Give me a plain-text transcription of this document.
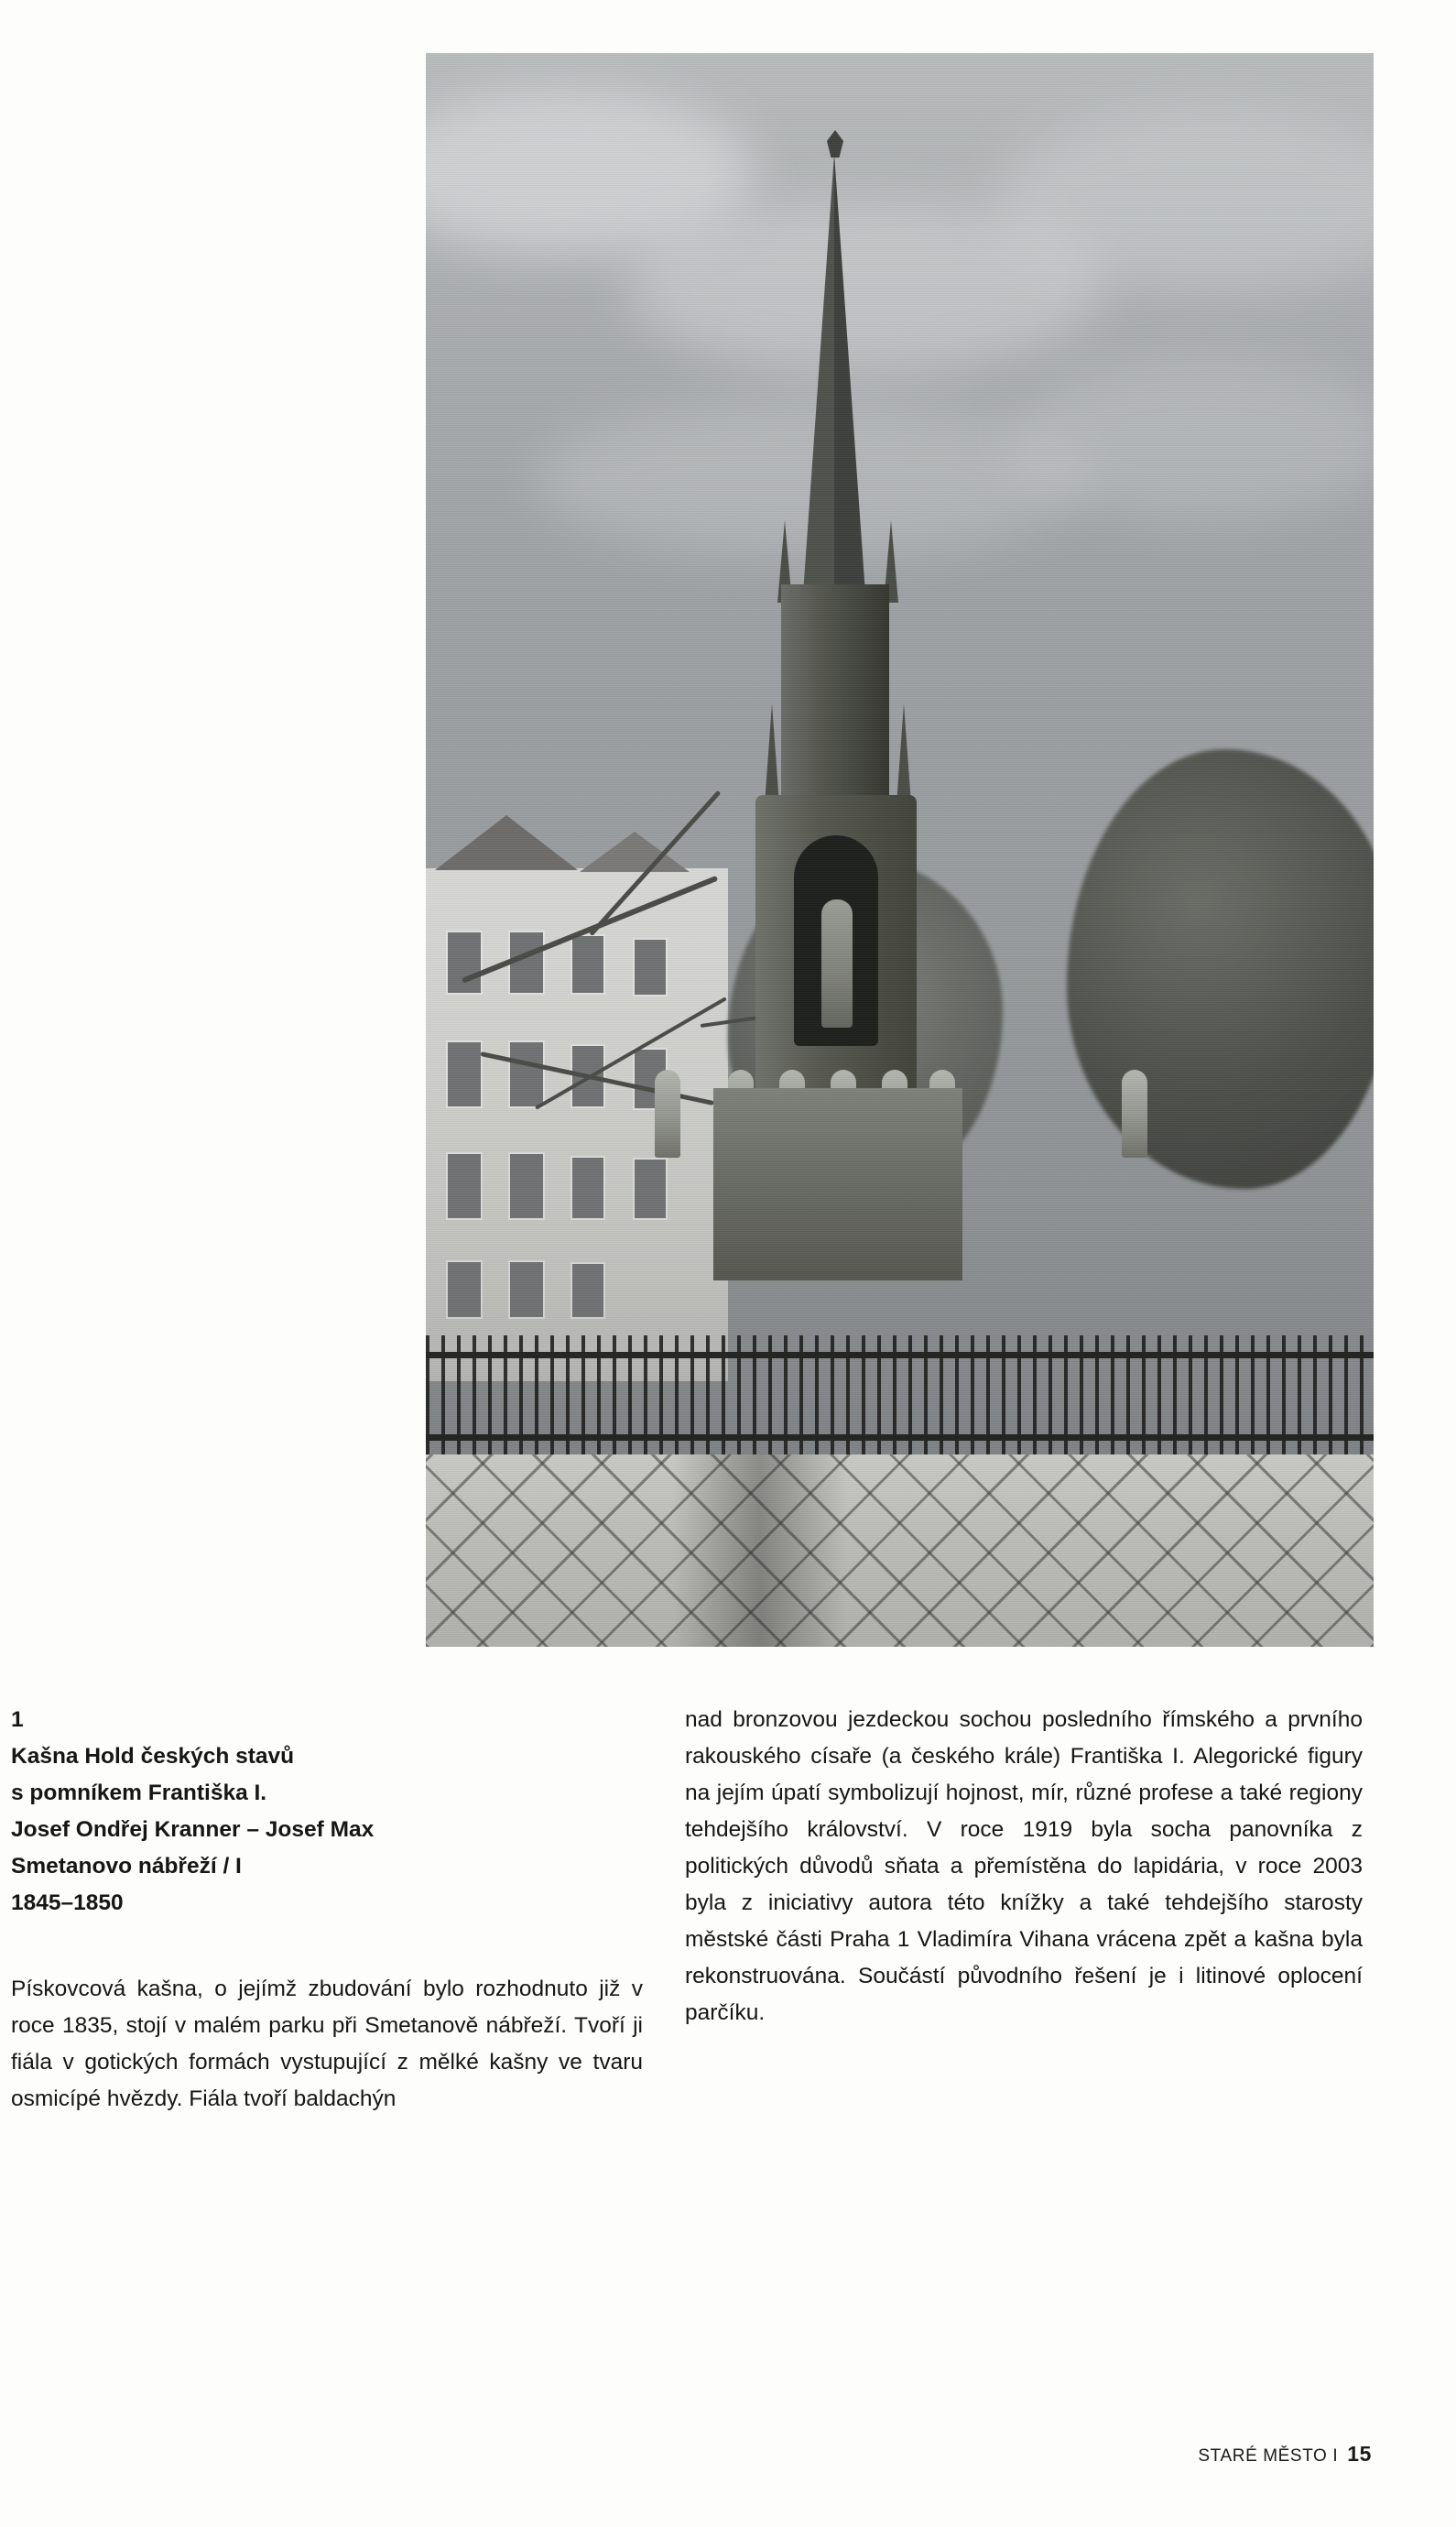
1
Kašna Hold českých stavů
s pomníkem Františka I.
Josef Ondřej Kranner – Josef Max
Smetanovo nábřeží / I
1845–1850

Pískovcová kašna, o jejímž zbudování bylo rozhodnuto již v roce 1835, stojí v malém parku při Smetanově nábřeží. Tvoří ji fiála v gotických formách vystupující z mělké kašny ve tvaru osmicípé hvězdy. Fiála tvoří baldachýn

nad bronzovou jezdeckou sochou posledního římského a prvního rakouského císaře (a českého krále) Františka I. Alegorické figury na jejím úpatí symbolizují hojnost, mír, různé profese a také regiony tehdejšího království. V roce 1919 byla socha panovníka z politických důvodů sňata a přemístěna do lapidária, v roce 2003 byla z iniciativy autora této knížky a také tehdejšího starosty městské části Praha 1 Vladimíra Vihana vrácena zpět a kašna byla rekonstruována. Součástí původního řešení je i litinové oplocení parčíku.

STARÉ MĚSTO I 15
